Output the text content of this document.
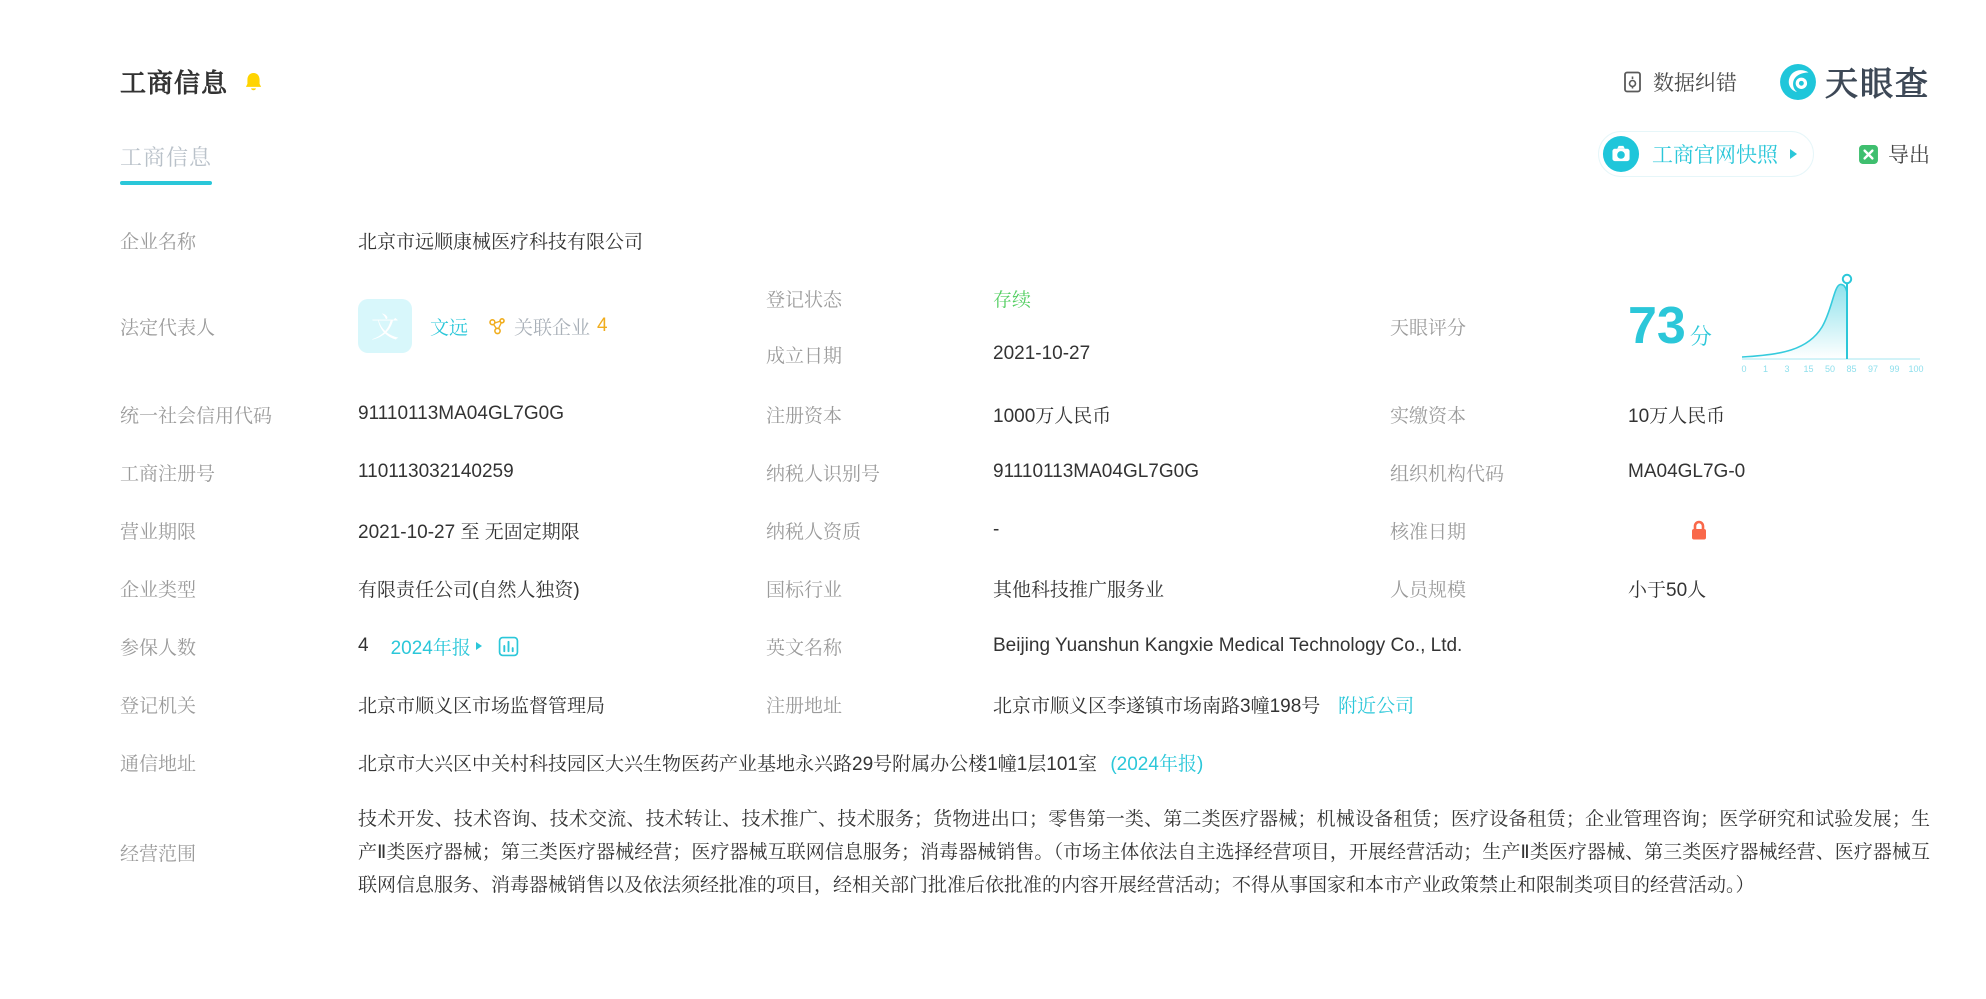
工商信息	数据纠错	天眼查
工商信息	工商官网快照	导出
企业名称	北京市远顺康械医疗科技有限公司
法定代表人	文	文远 关联企业 4
登记状态	存续
成立日期	2021-10-27
天眼评分	73 分
0 1 3 15 50 85 97 99 100
统一社会信用代码	91110113MA04GL7G0G	注册资本	1000万人民币	实缴资本	10万人民币
工商注册号	110113032140259	纳税人识别号	91110113MA04GL7G0G	组织机构代码	MA04GL7G-0
营业期限	2021-10-27 至 无固定期限	纳税人资质	-	核准日期
企业类型	有限责任公司(自然人独资)	国标行业	其他科技推广服务业	人员规模	小于50人
参保人数	4 2024年报	英文名称	Beijing Yuanshun Kangxie Medical Technology Co., Ltd.
登记机关	北京市顺义区市场监督管理局	注册地址	北京市顺义区李遂镇市场南路3幢198号 附近公司
通信地址	北京市大兴区中关村科技园区大兴生物医药产业基地永兴路29号附属办公楼1幢1层101室 (2024年报)
经营范围
技术开发、技术咨询、技术交流、技术转让、技术推广、技术服务；货物进出口；零售第一类、第二类医疗器械；机械设备租赁；医疗设备租赁；企业管理咨询；医学研究和试验发展；生产Ⅱ类医疗器械；第三类医疗器械经营；医疗器械互联网信息服务；消毒器械销售。（市场主体依法自主选择经营项目，开展经营活动；生产Ⅱ类医疗器械、第三类医疗器械经营、医疗器械互联网信息服务、消毒器械销售以及依法须经批准的项目，经相关部门批准后依批准的内容开展经营活动；不得从事国家和本市产业政策禁止和限制类项目的经营活动。）
